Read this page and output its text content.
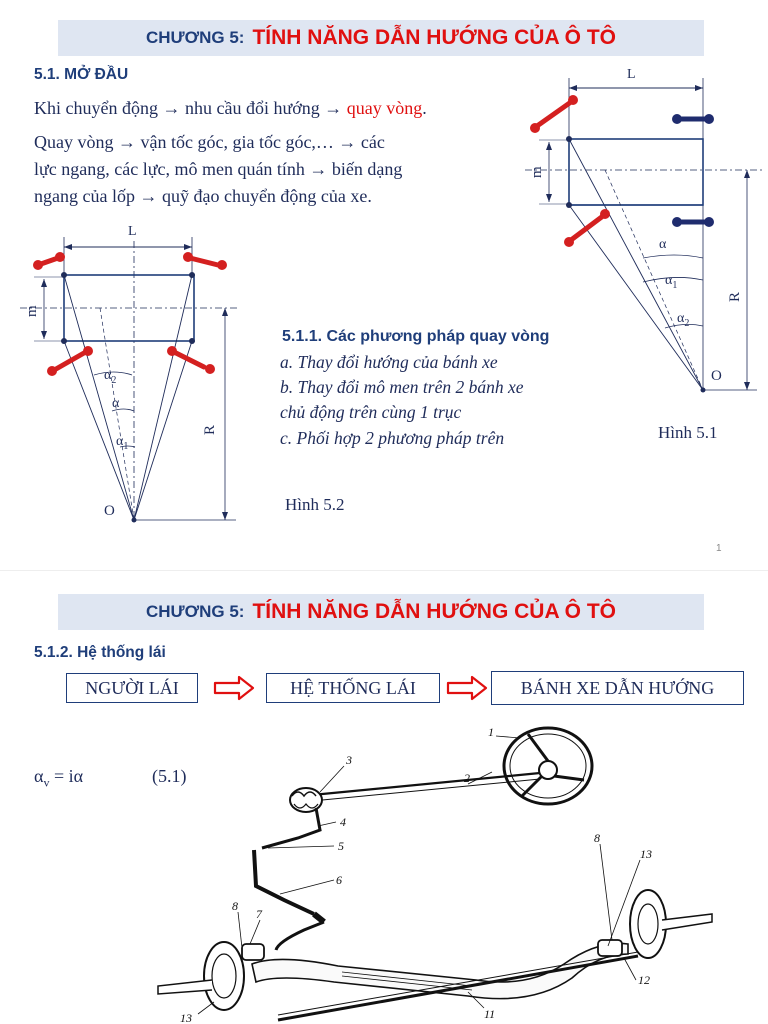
CHƯƠNG 5: TÍNH NĂNG DẪN HƯỚNG CỦA Ô TÔ
5.1. MỞ ĐẦU
Khi chuyển động → nhu cầu đổi hướng → quay vòng.
Quay vòng → vận tốc góc, gia tốc góc,… → các
lực ngang, các lực, mô men quán tính → biến dạng
ngang của lốp → quỹ đạo chuyển động của xe.
5.1.1. Các phương pháp quay vòng
a. Thay đổi hướng của bánh xe
b. Thay đổi mô men trên 2 bánh xe
chủ động trên cùng 1 trục
c. Phối hợp 2 phương pháp trên
Hình 5.2
Hình 5.1
1
L
m
R
O
$\alpha_2$
α
$\alpha_1$
L
m
R
O
α
$\alpha_1$
$\alpha_2$
CHƯƠNG 5: TÍNH NĂNG DẪN HƯỚNG CỦA Ô TÔ
5.1.2. Hệ thống lái
NGƯỜI LÁI	HỆ THỐNG LÁI	BÁNH XE DẪN HƯỚNG
$\alpha_v = i\alpha$	(5.1)
1
2
3
4
5
6
7
8
8
13
12
11
13
